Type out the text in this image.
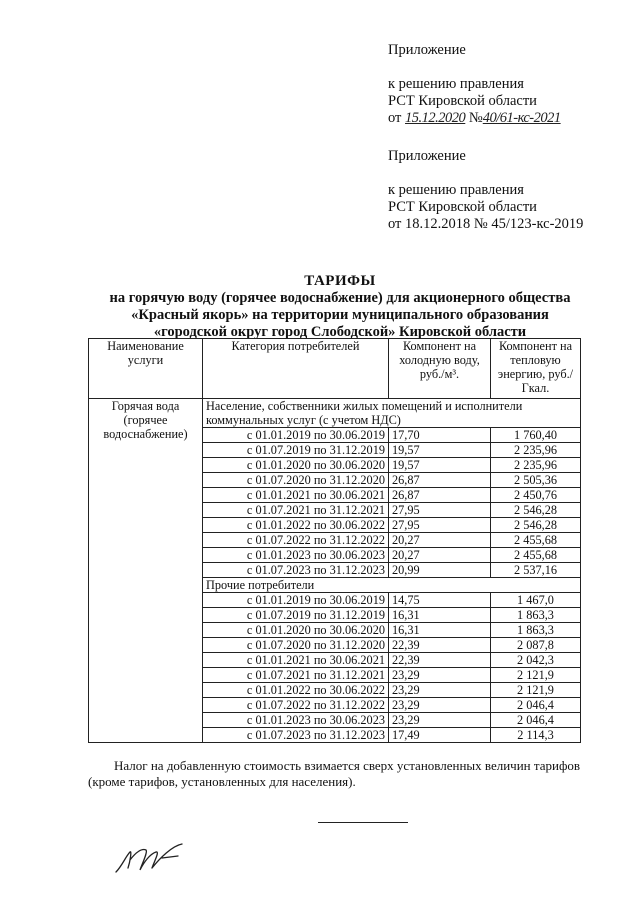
Приложение
к решению правления
РСТ Кировской области
от 15.12.2020 №40/61-кс-2021
Приложение
к решению правления
РСТ Кировской области
от 18.12.2018 № 45/123-кс-2019
ТАРИФЫ
на горячую воду (горячее водоснабжение) для акционерного общества
«Красный якорь» на территории муниципального образования
«городской округ город Слободской» Кировской области
Наименование услуги	Категория потребителей	Компонент на холодную воду, руб./м³.	Компонент на тепловую энергию, руб./Гкал.
Горячая вода (горячее водоснабжение)	Население, собственники жилых помещений и исполнители коммунальных услуг (с учетом НДС)		
	с 01.01.2019 по 30.06.2019	17,70	1 760,40
	с 01.07.2019 по 31.12.2019	19,57	2 235,96
	с 01.01.2020 по 30.06.2020	19,57	2 235,96
	с 01.07.2020 по 31.12.2020	26,87	2 505,36
	с 01.01.2021 по 30.06.2021	26,87	2 450,76
	с 01.07.2021 по 31.12.2021	27,95	2 546,28
	с 01.01.2022 по 30.06.2022	27,95	2 546,28
	с 01.07.2022 по 31.12.2022	20,27	2 455,68
	с 01.01.2023 по 30.06.2023	20,27	2 455,68
	с 01.07.2023 по 31.12.2023	20,99	2 537,16
	Прочие потребители		
	с 01.01.2019 по 30.06.2019	14,75	1 467,0
	с 01.07.2019 по 31.12.2019	16,31	1 863,3
	с 01.01.2020 по 30.06.2020	16,31	1 863,3
	с 01.07.2020 по 31.12.2020	22,39	2 087,8
	с 01.01.2021 по 30.06.2021	22,39	2 042,3
	с 01.07.2021 по 31.12.2021	23,29	2 121,9
	с 01.01.2022 по 30.06.2022	23,29	2 121,9
	с 01.07.2022 по 31.12.2022	23,29	2 046,4
	с 01.01.2023 по 30.06.2023	23,29	2 046,4
	с 01.07.2023 по 31.12.2023	17,49	2 114,3
Налог на добавленную стоимость взимается сверх установленных величин тарифов (кроме тарифов, установленных для населения).
